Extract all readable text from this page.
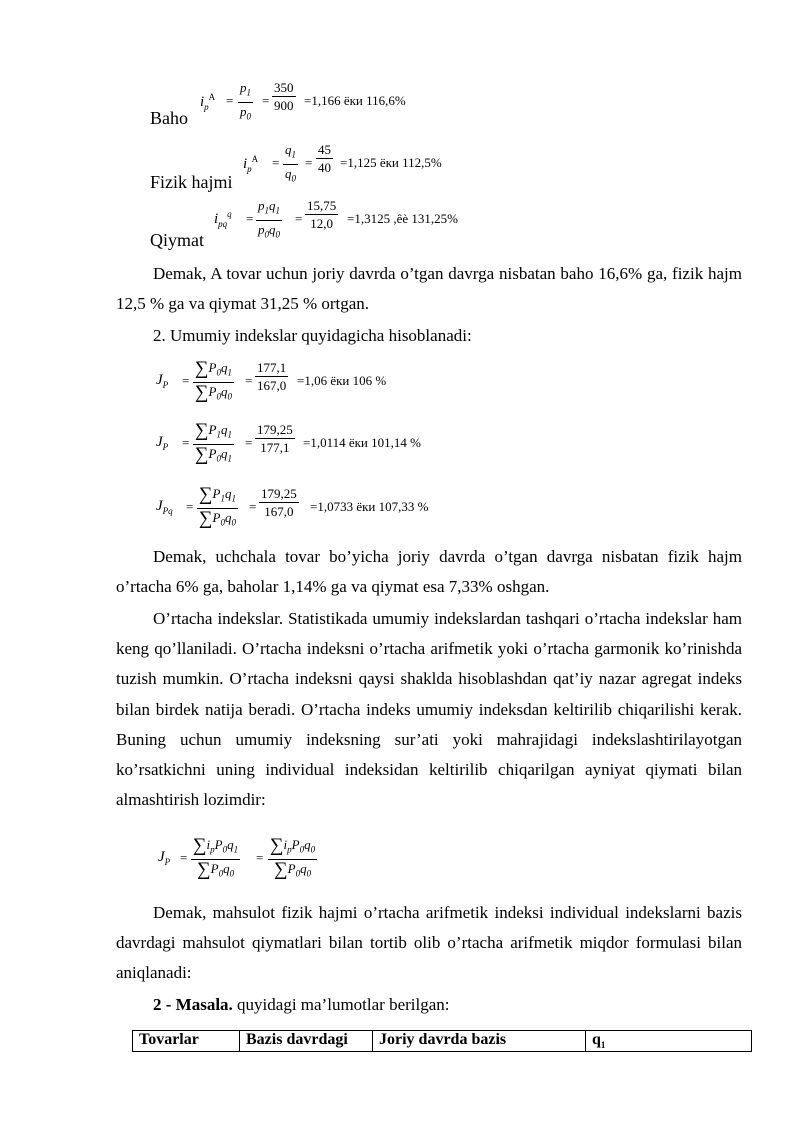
Baho
$i_p^A = \frac{p_1}{p_0} = \frac{350}{900} =1,166$ ёки 116,6%
Fizik hajmi
$i_p^A = \frac{q_1}{q_0} = \frac{45}{40} =1,125$ ёки 112,5%
Qiymat
$i_{pq}^q = \frac{p_1q_1}{p_0q_0} = \frac{15,75}{12,0} =1,3125$ ,êè 131,25%
Demak, A tovar uchun joriy davrda o’tgan davrga nisbatan baho 16,6% ga, fizik hajm 12,5 % ga va qiymat 31,25 % ortgan.
2. Umumiy indekslar quyidagicha hisoblanadi:
$J_P = \frac{\sum P_0q_1}{\sum P_0q_0} = \frac{177,1}{167,0} =1,06$ ёки 106 %
$J_P = \frac{\sum P_1q_1}{\sum P_0q_1} = \frac{179,25}{177,1} =1,0114$ ёки 101,14 %
$J_{Pq} = \frac{\sum P_1q_1}{\sum P_0q_0} = \frac{179,25}{167,0} =1,0733$ ёки 107,33 %
Demak, uchchala tovar bo’yicha joriy davrda o’tgan davrga nisbatan fizik hajm o’rtacha 6% ga, baholar 1,14% ga va qiymat esa 7,33% oshgan.
O’rtacha indekslar. Statistikada umumiy indekslardan tashqari o’rtacha indekslar ham keng qo’llaniladi. O’rtacha indeksni o’rtacha arifmetik yoki o’rtacha garmonik ko’rinishda tuzish mumkin. O’rtacha indeksni qaysi shaklda hisoblashdan qat’iy nazar agregat indeks bilan birdek natija beradi. O’rtacha indeks umumiy indeksdan keltirilib chiqarilishi kerak. Buning uchun umumiy indeksning sur’ati yoki mahrajidagi indekslashtirilayotgan ko’rsatkichni uning individual indeksidan keltirilib chiqarilgan ayniyat qiymati bilan almashtirish lozimdir:
$J_P$ =
$\sum i_pP_0q_1$
$\sum P_0q_0$
=
$\sum i_pP_0q_0$
$\sum P_0q_0$
Demak, mahsulot fizik hajmi o’rtacha arifmetik indeksi individual indekslarni bazis davrdagi mahsulot qiymatlari bilan tortib olib o’rtacha arifmetik miqdor formulasi bilan aniqlanadi:
2 - Masala. quyidagi ma’lumotlar berilgan:
Tovarlar	Bazis davrdagi	Joriy davrda bazis	$q_1$
